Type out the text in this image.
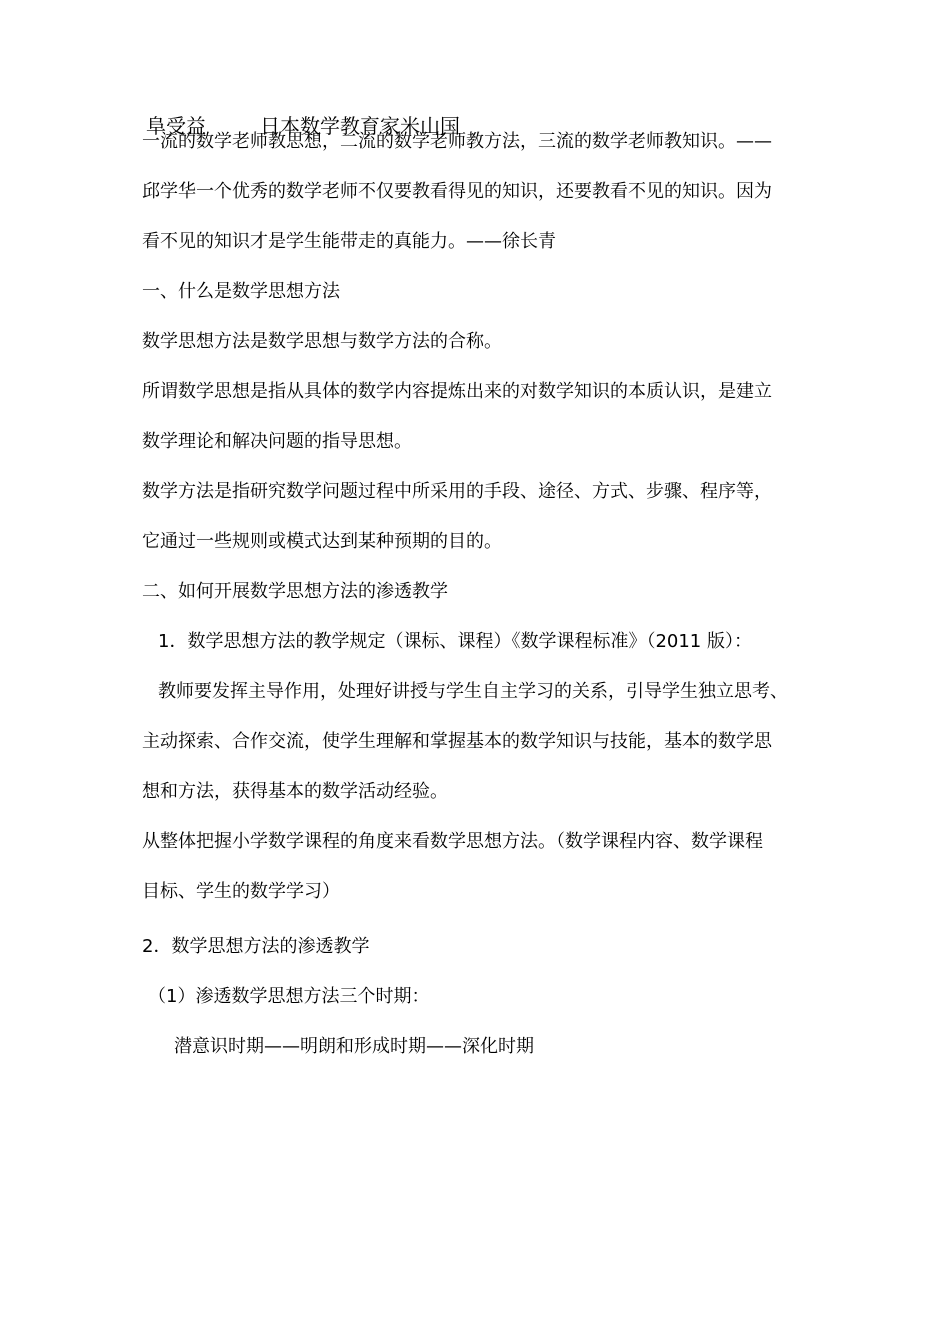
阜受益	日本数学教育家米山国
一流的数学老师教思想，二流的数学老师教方法，三流的数学老师教知识。——
邱学华一个优秀的数学老师不仅要教看得见的知识，还要教看不见的知识。因为
看不见的知识才是学生能带走的真能力。——徐长青
一、什么是数学思想方法
数学思想方法是数学思想与数学方法的合称。
所谓数学思想是指从具体的数学内容提炼出来的对数学知识的本质认识，是建立
数学理论和解决问题的指导思想。
数学方法是指研究数学问题过程中所采用的手段、途径、方式、步骤、程序等，
它通过一些规则或模式达到某种预期的目的。
二、如何开展数学思想方法的渗透教学
1．数学思想方法的教学规定（课标、课程）《数学课程标准》（2011 版）：
教师要发挥主导作用，处理好讲授与学生自主学习的关系，引导学生独立思考、
主动探索、合作交流，使学生理解和掌握基本的数学知识与技能，基本的数学思
想和方法，获得基本的数学活动经验。
从整体把握小学数学课程的角度来看数学思想方法。（数学课程内容、数学课程
目标、学生的数学学习）
2．数学思想方法的渗透教学
（1）渗透数学思想方法三个时期：
潜意识时期——明朗和形成时期——深化时期
